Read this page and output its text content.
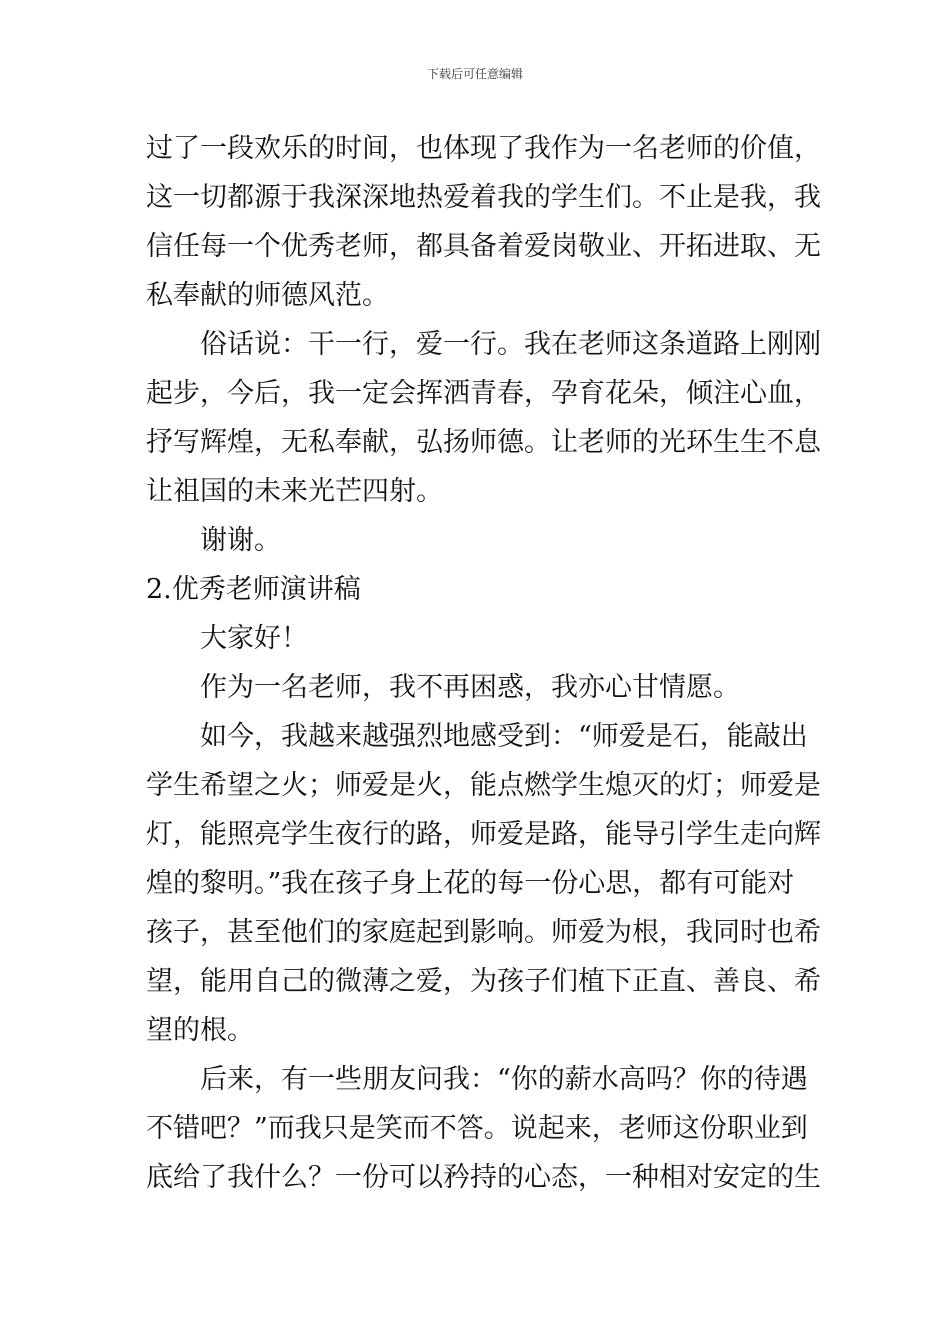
下载后可任意编辑
过了一段欢乐的时间，也体现了我作为一名老师的价值，
这一切都源于我深深地热爱着我的学生们。不止是我，我
信任每一个优秀老师，都具备着爱岗敬业、开拓进取、无
私奉献的师德风范。
俗话说：干一行，爱一行。我在老师这条道路上刚刚
起步，今后，我一定会挥洒青春，孕育花朵，倾注心血，
抒写辉煌，无私奉献，弘扬师德。让老师的光环生生不息
让祖国的未来光芒四射。
谢谢。
2.优秀老师演讲稿
大家好！
作为一名老师，我不再困惑，我亦心甘情愿。
如今，我越来越强烈地感受到：“师爱是石，能敲出
学生希望之火；师爱是火，能点燃学生熄灭的灯；师爱是
灯，能照亮学生夜行的路，师爱是路，能导引学生走向辉
煌的黎明。”我在孩子身上花的每一份心思，都有可能对
孩子，甚至他们的家庭起到影响。师爱为根，我同时也希
望，能用自己的微薄之爱，为孩子们植下正直、善良、希
望的根。
后来，有一些朋友问我：“你的薪水高吗？你的待遇
不错吧？”而我只是笑而不答。说起来，老师这份职业到
底给了我什么？一份可以矜持的心态，一种相对安定的生
